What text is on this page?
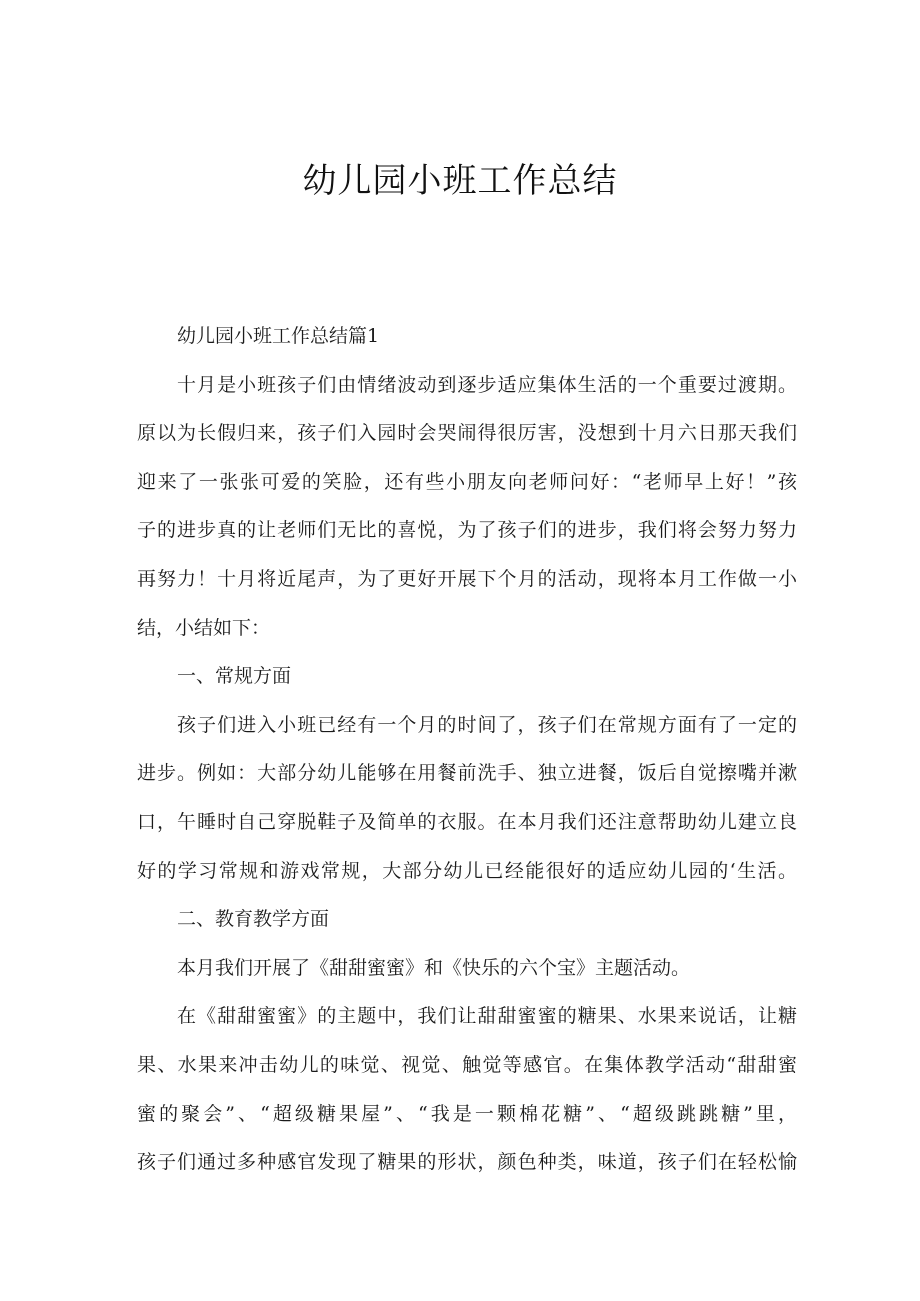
幼儿园小班工作总结
幼儿园小班工作总结篇1
十月是小班孩子们由情绪波动到逐步适应集体生活的一个重要过渡期。
原以为长假归来，孩子们入园时会哭闹得很厉害，没想到十月六日那天我们
迎来了一张张可爱的笑脸，还有些小朋友向老师问好：“老师早上好！”孩
子的进步真的让老师们无比的喜悦，为了孩子们的进步，我们将会努力努力
再努力！十月将近尾声，为了更好开展下个月的活动，现将本月工作做一小
结，小结如下：
一、常规方面
孩子们进入小班已经有一个月的时间了，孩子们在常规方面有了一定的
进步。例如：大部分幼儿能够在用餐前洗手、独立进餐，饭后自觉擦嘴并漱
口，午睡时自己穿脱鞋子及简单的衣服。在本月我们还注意帮助幼儿建立良
好的学习常规和游戏常规，大部分幼儿已经能很好的适应幼儿园的‘生活。
二、教育教学方面
本月我们开展了《甜甜蜜蜜》和《快乐的六个宝》主题活动。
在《甜甜蜜蜜》的主题中，我们让甜甜蜜蜜的糖果、水果来说话，让糖
果、水果来冲击幼儿的味觉、视觉、触觉等感官。在集体教学活动“甜甜蜜
蜜的聚会”、“超级糖果屋”、“我是一颗棉花糖”、“超级跳跳糖”里，
孩子们通过多种感官发现了糖果的形状，颜色种类，味道，孩子们在轻松愉
